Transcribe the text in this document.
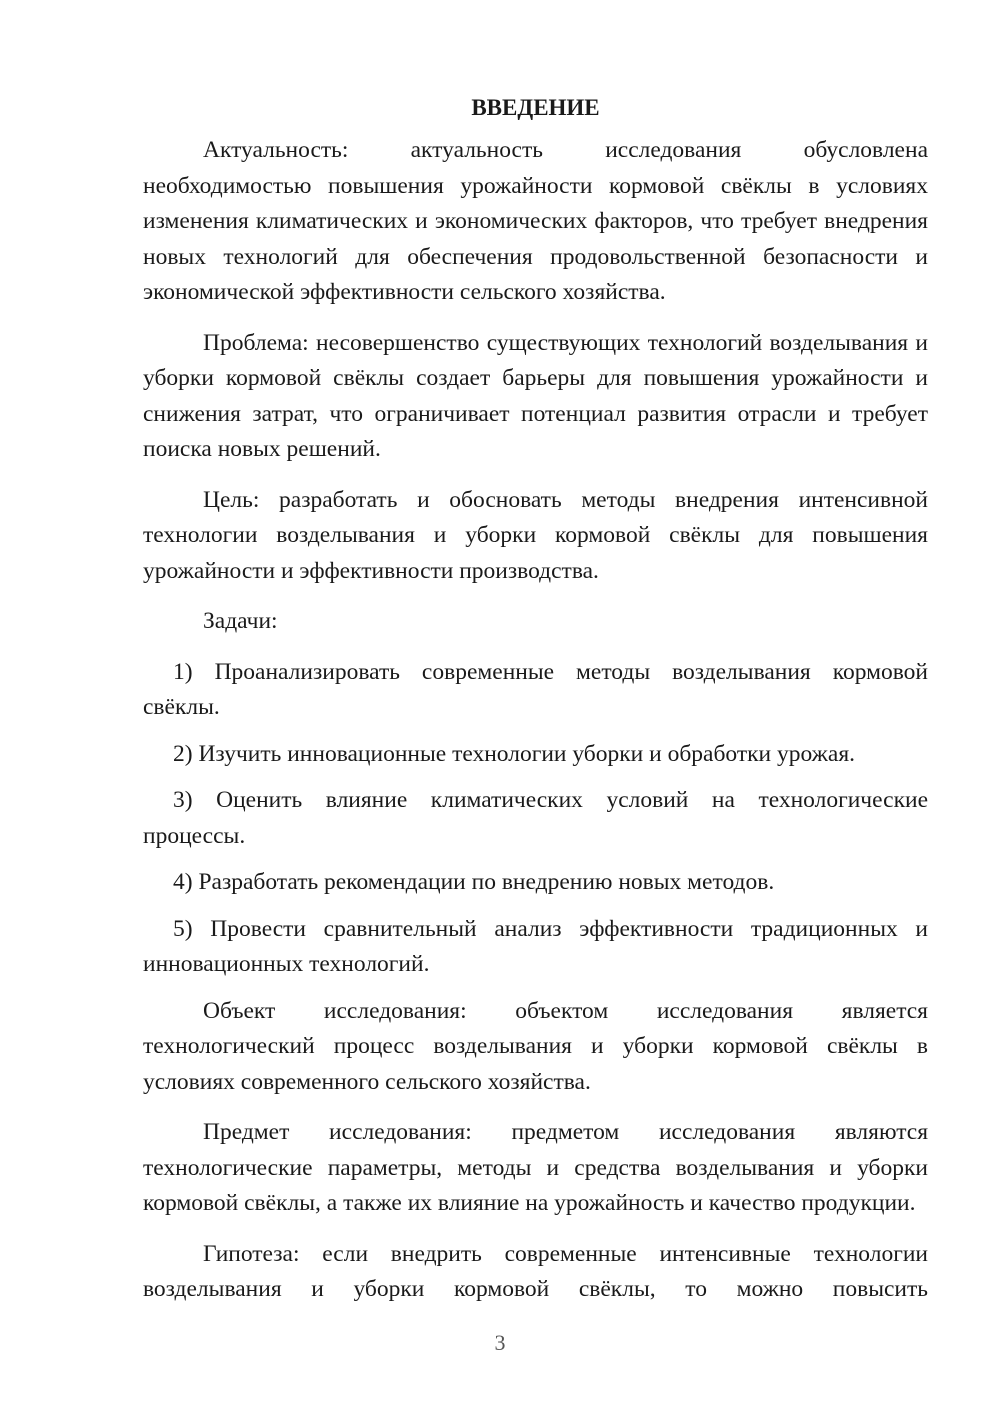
ВВЕДЕНИЕ

Актуальность: актуальность исследования обусловлена необходимостью повышения урожайности кормовой свёклы в условиях изменения климатических и экономических факторов, что требует внедрения новых технологий для обеспечения продовольственной безопасности и экономической эффективности сельского хозяйства.

Проблема: несовершенство существующих технологий возделывания и уборки кормовой свёклы создает барьеры для повышения урожайности и снижения затрат, что ограничивает потенциал развития отрасли и требует поиска новых решений.

Цель: разработать и обосновать методы внедрения интенсивной технологии возделывания и уборки кормовой свёклы для повышения урожайности и эффективности производства.

Задачи:

1) Проанализировать современные методы возделывания кормовой свёклы.

2) Изучить инновационные технологии уборки и обработки урожая.

3) Оценить влияние климатических условий на технологические процессы.

4) Разработать рекомендации по внедрению новых методов.

5) Провести сравнительный анализ эффективности традиционных и инновационных технологий.

Объект исследования: объектом исследования является технологический процесс возделывания и уборки кормовой свёклы в условиях современного сельского хозяйства.

Предмет исследования: предметом исследования являются технологические параметры, методы и средства возделывания и уборки кормовой свёклы, а также их влияние на урожайность и качество продукции.

Гипотеза: если внедрить современные интенсивные технологии возделывания и уборки кормовой свёклы, то можно повысить

3
